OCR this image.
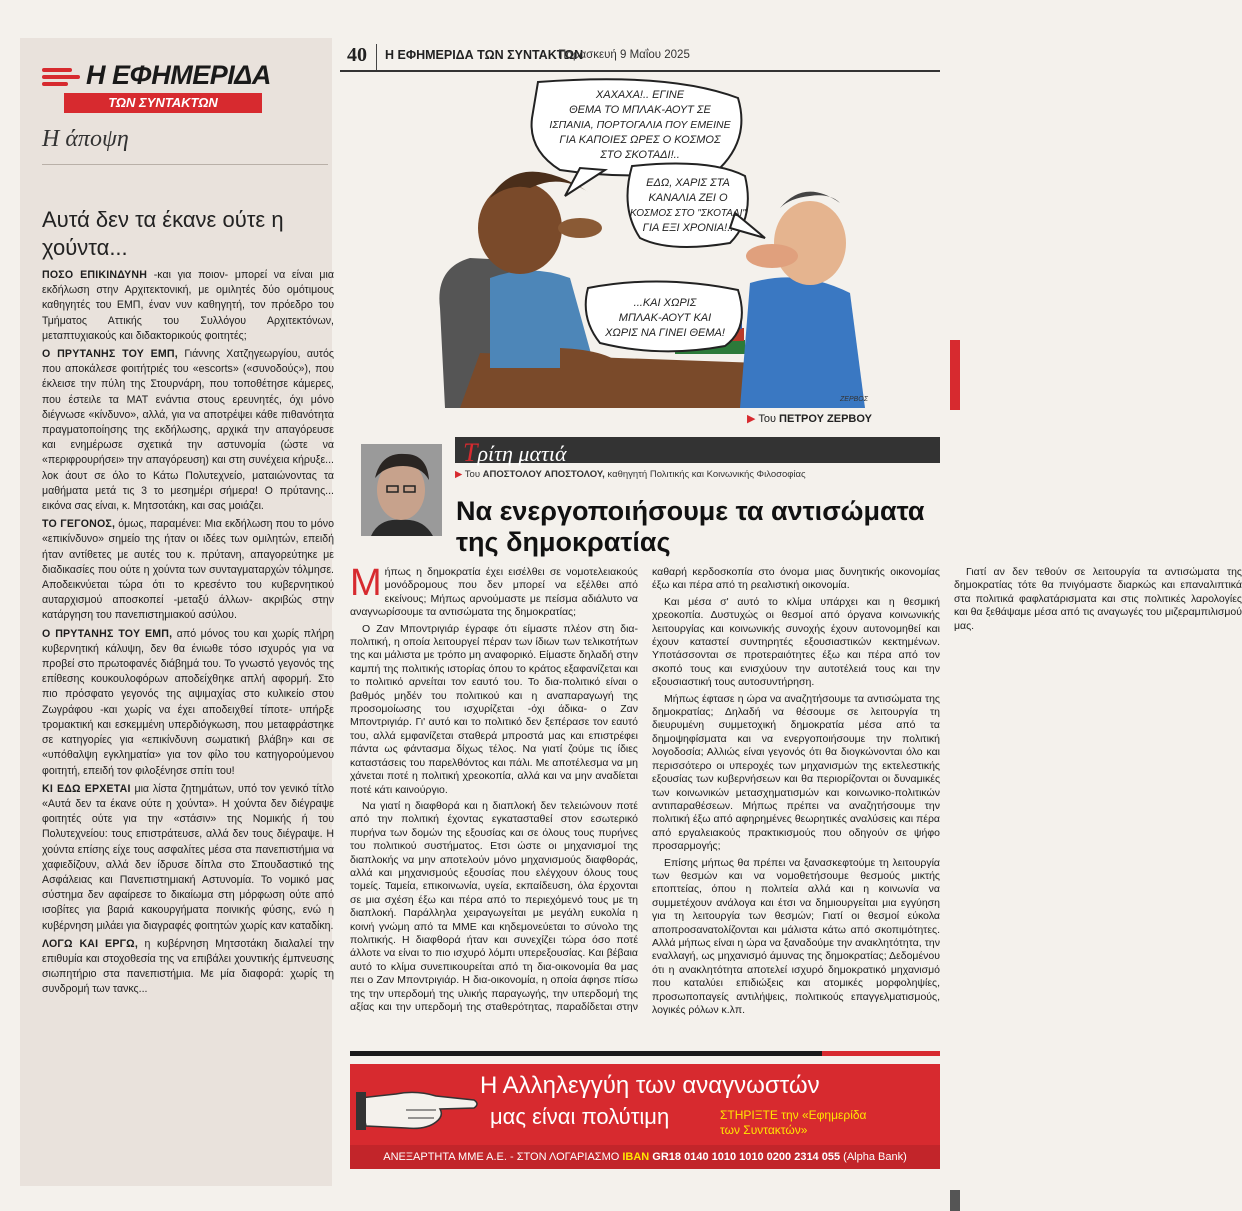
Η ΕΦΗΜΕΡΙΔΑ
ΤΩΝ ΣΥΝΤΑΚΤΩΝ
Η άποψη
Αυτά δεν τα έκανε ούτε η χούντα...

ΠΟΣΟ ΕΠΙΚΙΝΔΥΝΗ -και για ποιον- μπορεί να είναι μια εκδήλωση στην Αρχιτεκτονική, με ομιλητές δύο ομότιμους καθηγητές του ΕΜΠ, έναν νυν καθηγητή, τον πρόεδρο του Τμήματος Αττικής του Συλλόγου Αρχιτεκτόνων, μεταπτυχιακούς και διδακτορικούς φοιτητές;

Ο ΠΡΥΤΑΝΗΣ ΤΟΥ ΕΜΠ, Γιάννης Χατζηγεωργίου, αυτός που αποκάλεσε φοιτήτριές του «escorts» («συνοδούς»), που έκλεισε την πύλη της Στουρνάρη, που τοποθέτησε κάμερες, που έστειλε τα ΜΑΤ ενάντια στους ερευνητές, όχι μόνο διέγνωσε «κίνδυνο», αλλά, για να αποτρέψει κάθε πιθανότητα πραγματοποίησης της εκδήλωσης, αρχικά την απαγόρευσε και ενημέρωσε σχετικά την αστυνομία (ώστε να «περιφρουρήσει» την απαγόρευση) και στη συνέχεια κήρυξε... λοκ άουτ σε όλο το Κάτω Πολυτεχνείο, ματαιώνοντας τα μαθήματα μετά τις 3 το μεσημέρι σήμερα! Ο πρύτανης... εικόνα σας είναι, κ. Μητσοτάκη, και σας μοιάζει.

ΤΟ ΓΕΓΟΝΟΣ, όμως, παραμένει: Μια εκδήλωση που το μόνο «επικίνδυνο» σημείο της ήταν οι ιδέες των ομιλητών, επειδή ήταν αντίθετες με αυτές του κ. πρύτανη, απαγορεύτηκε με διαδικασίες που ούτε η χούντα των συνταγματαρχών τόλμησε. Αποδεικνύεται τώρα ότι το κρεσέντο του κυβερνητικού αυταρχισμού αποσκοπεί -μεταξύ άλλων- ακριβώς στην κατάργηση του πανεπιστημιακού ασύλου.

Ο ΠΡΥΤΑΝΗΣ ΤΟΥ ΕΜΠ, από μόνος του και χωρίς πλήρη κυβερνητική κάλυψη, δεν θα ένιωθε τόσο ισχυρός για να προβεί στο πρωτοφανές διάβημά του. Το γνωστό γεγονός της επίθεσης κουκουλοφόρων αποδείχθηκε απλή αφορμή. Στο πιο πρόσφατο γεγονός της αψιμαχίας στο κυλικείο στου Ζωγράφου -και χωρίς να έχει αποδειχθεί τίποτε- υπήρξε τρομακτική και εσκεμμένη υπερδιόγκωση, που μεταφράστηκε σε κατηγορίες για «επικίνδυνη σωματική βλάβη» και σε «υπόθαλψη εγκληματία» για τον φίλο του κατηγορούμενου φοιτητή, επειδή τον φιλοξένησε σπίτι του!

ΚΙ ΕΔΩ ΕΡΧΕΤΑΙ μια λίστα ζητημάτων, υπό τον γενικό τίτλο «Αυτά δεν τα έκανε ούτε η χούντα». Η χούντα δεν διέγραψε φοιτητές ούτε για την «στάσιν» της Νομικής ή του Πολυτεχνείου: τους επιστράτευσε, αλλά δεν τους διέγραψε. Η χούντα επίσης είχε τους ασφαλίτες μέσα στα πανεπιστήμια να χαφιεδίζουν, αλλά δεν ίδρυσε δίπλα στο Σπουδαστικό της Ασφάλειας και Πανεπιστημιακή Αστυνομία. Το νομικό μας σύστημα δεν αφαίρεσε το δικαίωμα στη μόρφωση ούτε από ισοβίτες για βαριά κακουργήματα ποινικής φύσης, ενώ η κυβέρνηση μιλάει για διαγραφές φοιτητών χωρίς καν καταδίκη.

ΛΟΓΩ ΚΑΙ ΕΡΓΩ, η κυβέρνηση Μητσοτάκη διαλαλεί την επιθυμία και στοχοθεσία της να επιβάλει χουντικής έμπνευσης σιωπητήριο στα πανεπιστήμια. Με μία διαφορά: χωρίς τη συνδρομή των τανκς...

40 Η ΕΦΗΜΕΡΙΔΑ ΤΩΝ ΣΥΝΤΑΚΤΩΝ
Παρασκευή 9 Μαΐου 2025
ΧΑΧΑΧΑ!.. ΕΓΙΝΕ
ΘΕΜΑ ΤΟ ΜΠΛΑΚ-ΑΟΥΤ ΣΕ
ΙΣΠΑΝΙΑ, ΠΟΡΤΟΓΑΛΙΑ ΠΟΥ ΕΜΕΙΝΕ
ΓΙΑ ΚΑΠΟΙΕΣ ΩΡΕΣ Ο ΚΟΣΜΟΣ
ΣΤΟ ΣΚΟΤΑΔΙ!..
ΕΔΩ, ΧΑΡΙΣ ΣΤΑ
ΚΑΝΑΛΙΑ ΖΕΙ Ο
ΚΟΣΜΟΣ ΣΤΟ "ΣΚΟΤΑΔΙ"
ΓΙΑ ΕΞΙ ΧΡΟΝΙΑ!..
...ΚΑΙ ΧΩΡΙΣ
ΜΠΛΑΚ-ΑΟΥΤ ΚΑΙ
ΧΩΡΙΣ ΝΑ ΓΙΝΕΙ ΘΕΜΑ!
ΖΕΡΒΟΣ
▶ Του ΠΕΤΡΟΥ ΖΕΡΒΟΥ
Τρίτη ματιά
▶ Του ΑΠΟΣΤΟΛΟΥ ΑΠΟΣΤΟΛΟΥ, καθηγητή Πολιτικής και Κοινωνικής Φιλοσοφίας
Να ενεργοποιήσουμε τα αντισώματα της δημοκρατίας

Μήπως η δημοκρατία έχει εισέλθει σε νομοτελειακούς μονόδρομους που δεν μπορεί να εξέλθει από εκείνους; Μήπως αρνούμαστε με πείσμα αδιάλυτο να αναγνωρίσουμε τα αντισώματα της δημοκρατίας;

Ο Ζαν Μποντριγιάρ έγραφε ότι είμαστε πλέον στη δια-πολιτική, η οποία λειτουργεί πέραν των ίδιων των τελικοτήτων της και μάλιστα με τρόπο μη αναφορικό. Είμαστε δηλαδή στην καμπή της πολιτικής ιστορίας όπου το κράτος εξαφανίζεται και το πολιτικό αρνείται τον εαυτό του. Το δια-πολιτικό είναι ο βαθμός μηδέν του πολιτικού και η αναπαραγωγή της προσομοίωσης του ισχυρίζεται -όχι άδικα- ο Ζαν Μποντριγιάρ. Γι' αυτό και το πολιτικό δεν ξεπέρασε τον εαυτό του, αλλά εμφανίζεται σταθερά μπροστά μας και επιστρέφει πάντα ως φάντασμα δίχως τέλος. Να γιατί ζούμε τις ίδιες καταστάσεις του παρελθόντος και πάλι. Με αποτέλεσμα να μη χάνεται ποτέ η πολιτική χρεοκοπία, αλλά και να μην αναδίεται ποτέ κάτι καινούργιο.

Να γιατί η διαφθορά και η διαπλοκή δεν τελειώνουν ποτέ από την πολιτική έχοντας εγκατασταθεί στον εσωτερικό πυρήνα των δομών της εξουσίας και σε όλους τους πυρήνες του πολιτικού συστήματος. Ετσι ώστε οι μηχανισμοί της διαπλοκής να μην αποτελούν μόνο μηχανισμούς διαφθοράς, αλλά και μηχανισμούς εξουσίας που ελέγχουν όλους τους τομείς. Ταμεία, επικοινωνία, υγεία, εκπαίδευση, όλα έρχονται σε μια σχέση έξω και πέρα από το περιεχόμενό τους με τη διαπλοκή. Παράλληλα χειραγωγείται με μεγάλη ευκολία η κοινή γνώμη από τα ΜΜΕ και κηδεμονεύεται το σύνολο της πολιτικής. Η διαφθορά ήταν και συνεχίζει τώρα όσο ποτέ άλλοτε να είναι το πιο ισχυρό λόμπι υπερεξουσίας. Και βέβαια αυτό το κλίμα συνεπικουρείται από τη δια-οικονομία θα μας πει ο Ζαν Μποντριγιάρ. Η δια-οικονομία, η οποία άφησε πίσω της την υπερδομή της υλικής παραγωγής, την υπερδομή της αξίας και την υπερδομή της σταθερότητας, παραδίδεται στην καθαρή κερδοσκοπία στο όνομα μιας δυνητικής οικονομίας έξω και πέρα από τη ρεαλιστική οικονομία.

Και μέσα σ' αυτό το κλίμα υπάρχει και η θεσμική χρεοκοπία. Δυστυχώς οι θεσμοί από όργανα κοινωνικής λειτουργίας και κοινωνικής συνοχής έχουν αυτονομηθεί και έχουν καταστεί συντηρητές εξουσιαστικών κεκτημένων. Υποτάσσονται σε προτεραιότητες έξω και πέρα από τον σκοπό τους και ενισχύουν την αυτοτέλειά τους και την εξουσιαστική τους αυτοσυντήρηση.

Μήπως έφτασε η ώρα να αναζητήσουμε τα αντισώματα της δημοκρατίας; Δηλαδή να θέσουμε σε λειτουργία τη διευρυμένη συμμετοχική δημοκρατία μέσα από τα δημοψηφίσματα και να ενεργοποιήσουμε την πολιτική λογοδοσία; Αλλιώς είναι γεγονός ότι θα διογκώνονται όλο και περισσότερο οι υπεροχές των μηχανισμών της εκτελεστικής εξουσίας των κυβερνήσεων και θα περιορίζονται οι δυναμικές των κοινωνικών μετασχηματισμών και κοινωνικο-πολιτικών αντιπαραθέσεων. Μήπως πρέπει να αναζητήσουμε την πολιτική έξω από αφηρημένες θεωρητικές αναλύσεις και πέρα από εργαλειακούς πρακτικισμούς που οδηγούν σε ψήφο προσαρμογής;

Επίσης μήπως θα πρέπει να ξανασκεφτούμε τη λειτουργία των θεσμών και να νομοθετήσουμε θεσμούς μικτής εποπτείας, όπου η πολιτεία αλλά και η κοινωνία να συμμετέχουν ανάλογα και έτσι να δημιουργείται μια εγγύηση για τη λειτουργία των θεσμών; Γιατί οι θεσμοί εύκολα αποπροσανατολίζονται και μάλιστα κάτω από σκοπιμότητες. Αλλά μήπως είναι η ώρα να ξαναδούμε την ανακλητότητα, την εναλλαγή, ως μηχανισμό άμυνας της δημοκρατίας; Δεδομένου ότι η ανακλητότητα αποτελεί ισχυρό δημοκρατικό μηχανισμό που καταλύει επιδιώξεις και ατομικές μορφοληψίες, προσωποπαγείς αντιλήψεις, πολιτικούς επαγγελματισμούς, λογικές ρόλων κ.λπ.

Γιατί αν δεν τεθούν σε λειτουργία τα αντισώματα της δημοκρατίας τότε θα πνιγόμαστε διαρκώς και επαναλιπτικά στα πολιτικά φαφλατάρισματα και στις πολιτικές λαρολογίες και θα ξεθάψαμε μέσα από τις αναγωγές του μιζεραμπιλισμού μας.

Η Αλληλεγγύη των αναγνωστών
μας είναι πολύτιμη	ΣΤΗΡΙΞΤΕ την «Εφημερίδα
των Συντακτών»
ΑΝΕΞΑΡΤΗΤΑ ΜΜΕ Α.Ε. - ΣΤΟΝ ΛΟΓΑΡΙΑΣΜΟ IBAN GR18 0140 1010 1010 0200 2314 055 (Alpha Bank)
